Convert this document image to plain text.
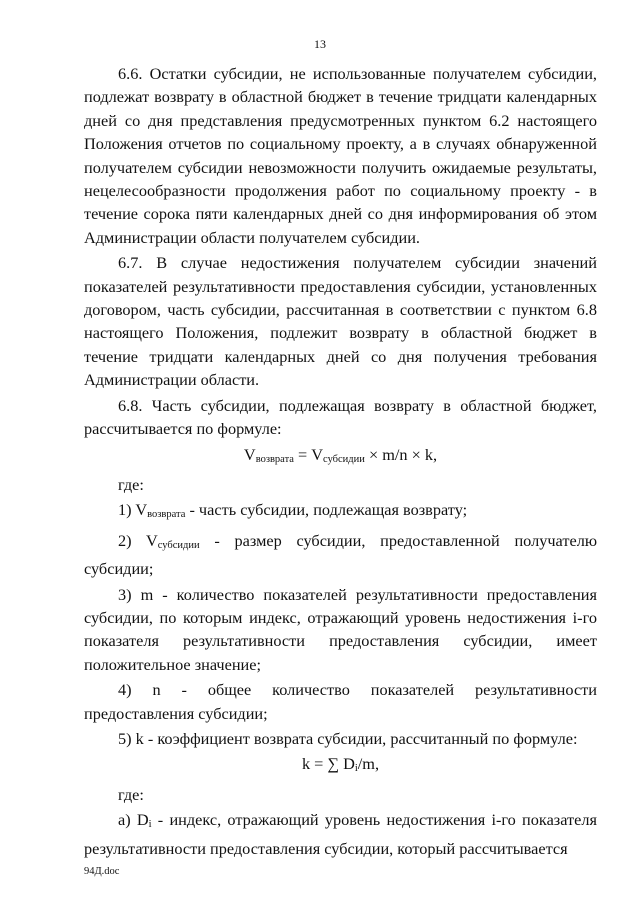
13

6.6. Остатки субсидии, не использованные получателем субсидии, подлежат возврату в областной бюджет в течение тридцати календарных дней со дня представления предусмотренных пунктом 6.2 настоящего Положения отчетов по социальному проекту, а в случаях обнаруженной получателем субсидии невозможности получить ожидаемые результаты, нецелесообразности продолжения работ по социальному проекту - в течение сорока пяти календарных дней со дня информирования об этом Администрации области получателем субсидии.

6.7. В случае недостижения получателем субсидии значений показателей результативности предоставления субсидии, установленных договором, часть субсидии, рассчитанная в соответствии с пунктом 6.8 настоящего Положения, подлежит возврату в областной бюджет в течение тридцати календарных дней со дня получения требования Администрации области.

6.8. Часть субсидии, подлежащая возврату в областной бюджет, рассчитывается по формуле:

Vвозврата = Vсубсидии × m/n × k,

где:

1) Vвозврата - часть субсидии, подлежащая возврату;

2) Vсубсидии - размер субсидии, предоставленной получателю субсидии;

3) m - количество показателей результативности предоставления субсидии, по которым индекс, отражающий уровень недостижения i-го показателя результативности предоставления субсидии, имеет положительное значение;

4) n - общее количество показателей результативности предоставления субсидии;

5) k - коэффициент возврата субсидии, рассчитанный по формуле:

k = ∑ Di/m,

где:

а) Di - индекс, отражающий уровень недостижения i-го показателя результативности предоставления субсидии, который рассчитывается

94Д.doc
